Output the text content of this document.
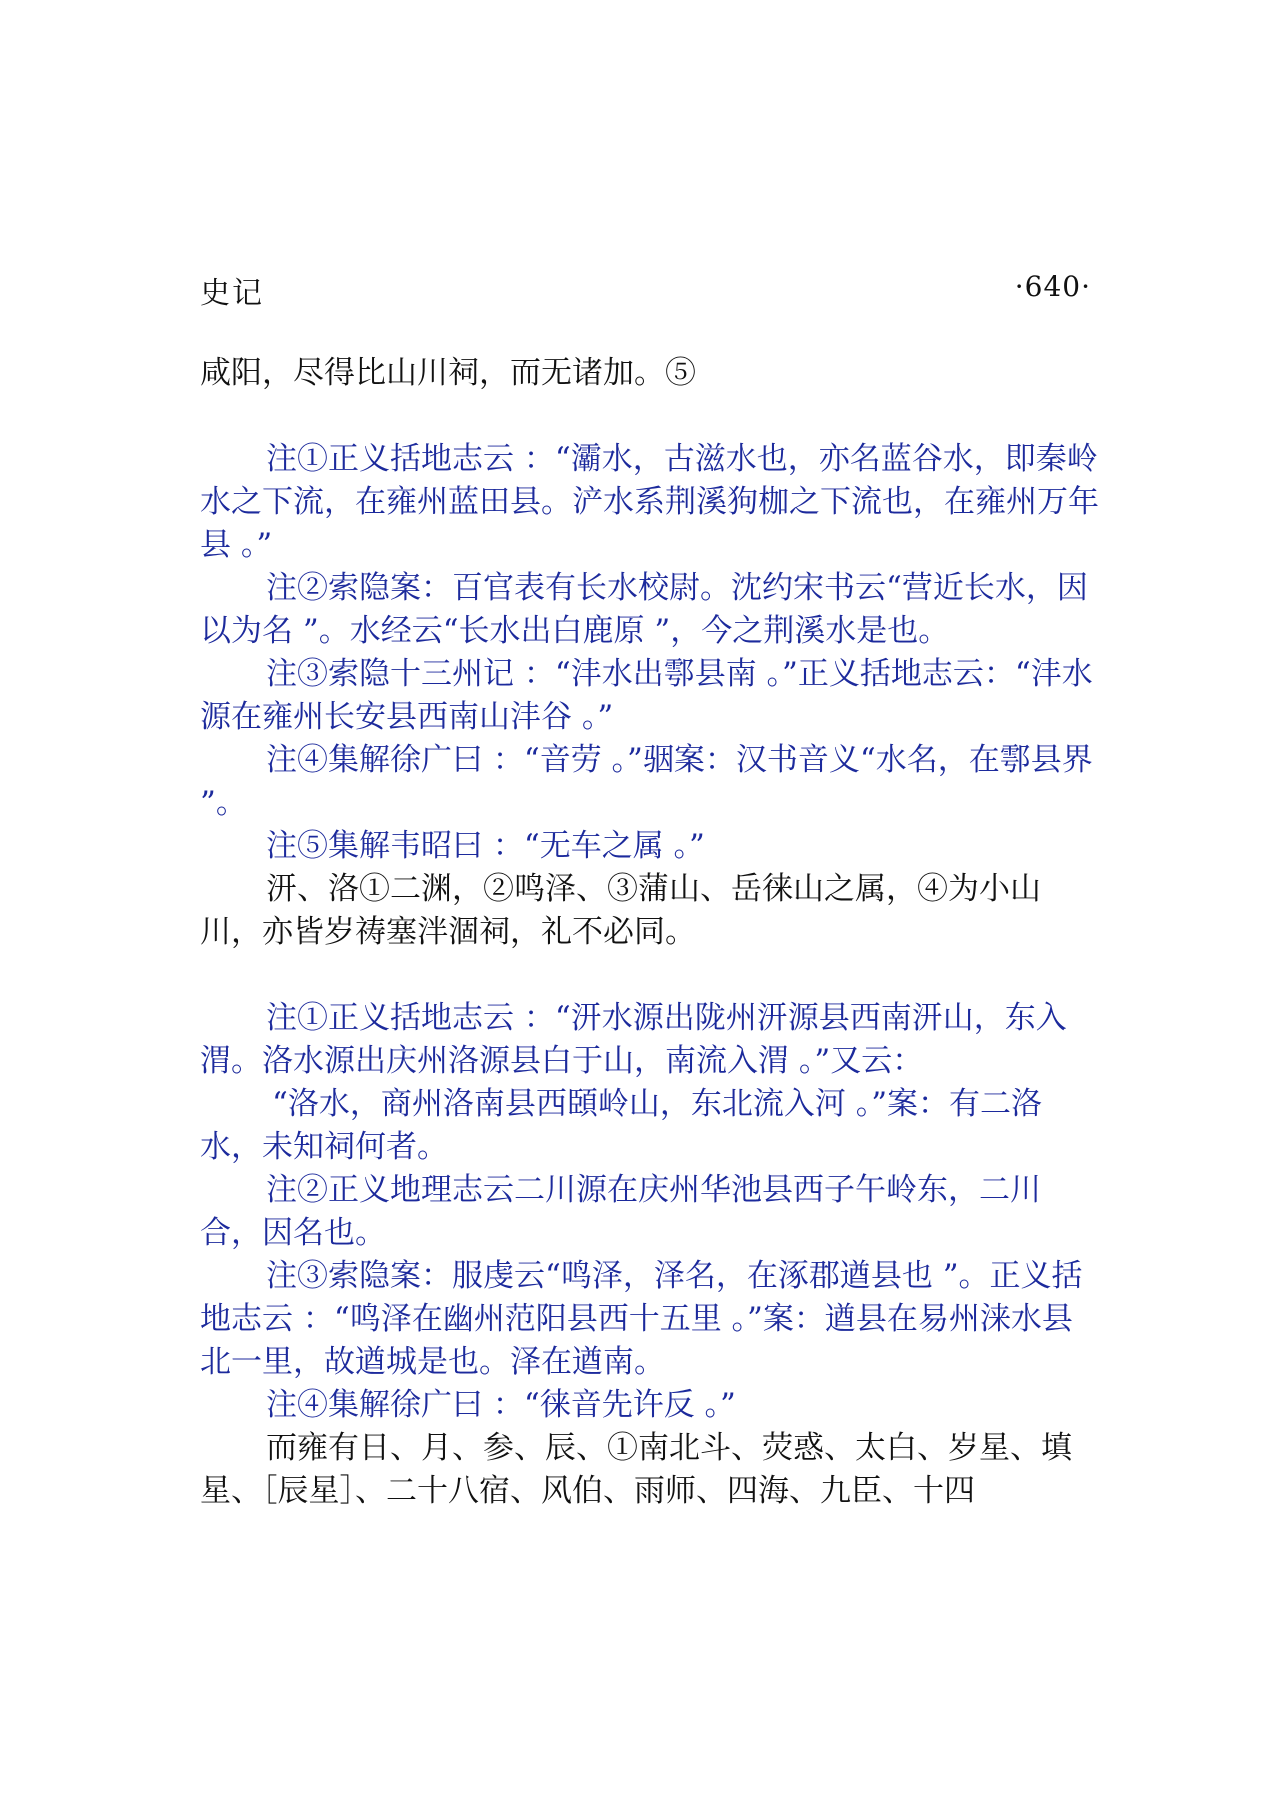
史记	·640·

咸阳，尽得比山川祠，而无诸加。⑤

注①正义括地志云 ：“灞水，古滋水也，亦名蓝谷水，即秦岭水之下流，在雍州蓝田县。浐水系荆溪狗枷之下流也，在雍州万年县 。”

注②索隐案：百官表有长水校尉。沈约宋书云“营近长水，因以为名 ”。水经云“长水出白鹿原 ”，今之荆溪水是也。

注③索隐十三州记 ：“沣水出鄠县南 。”正义括地志云：“沣水源在雍州长安县西南山沣谷 。”

注④集解徐广曰 ：“音劳 。”骃案：汉书音义“水名，在鄠县界 ”。

注⑤集解韦昭曰 ：“无车之属 。”

汧、洛①二渊，②鸣泽、③蒲山、岳徕山之属，④为小山川，亦皆岁祷塞泮涸祠，礼不必同。

注①正义括地志云 ：“汧水源出陇州汧源县西南汧山，东入渭。洛水源出庆州洛源县白于山，南流入渭 。”又云：

“洛水，商州洛南县西頣岭山，东北流入河 。”案：有二洛水，未知祠何者。

注②正义地理志云二川源在庆州华池县西子午岭东，二川合，因名也。

注③索隐案：服虔云“鸣泽，泽名，在涿郡遒县也 ”。正义括地志云 ：“鸣泽在幽州范阳县西十五里 。”案：遒县在易州涞水县北一里，故遒城是也。泽在遒南。

注④集解徐广曰 ：“徕音先许反 。”

而雍有日、月、参、辰、①南北斗、荧惑、太白、岁星、填星、［辰星］、二十八宿、风伯、雨师、四海、九臣、十四
